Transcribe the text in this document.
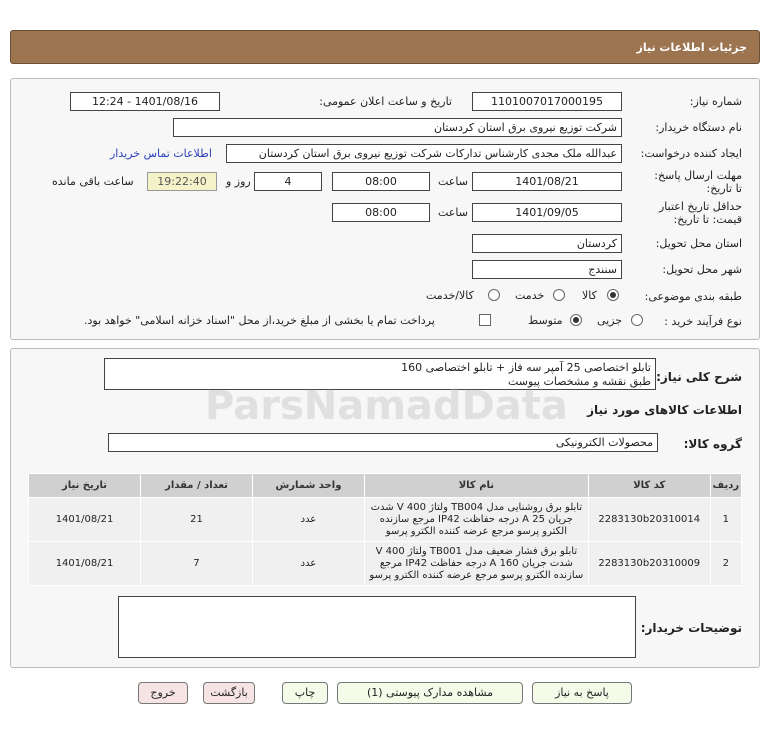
جزئیات اطلاعات نیاز
شماره نیاز:
1101007017000195
تاریخ و ساعت اعلان عمومی:
1401/08/16 - 12:24
نام دستگاه خریدار:
شرکت توزیع نیروی برق استان کردستان
ایجاد کننده درخواست:
عبدالله ملک مجدی کارشناس تدارکات شرکت توزیع نیروی برق استان کردستان
اطلاعات تماس خریدار
مهلت ارسال پاسخ: تا تاریخ:
1401/08/21
ساعت
08:00
4
روز و
19:22:40
ساعت باقی مانده
حداقل تاریخ اعتبار قیمت: تا تاریخ:
1401/09/05
ساعت
08:00
استان محل تحویل:
کردستان
شهر محل تحویل:
سنندج
طبقه بندی موضوعی:
کالا
خدمت
کالا/خدمت
نوع فرآیند خرید :
جزیی
متوسط
پرداخت تمام یا بخشی از مبلغ خرید،از محل "اسناد خزانه اسلامی" خواهد بود.
شرح کلی نیاز:
تابلو اختصاصی 25 آمپر سه فاز + تابلو اختصاصی 160
طبق نقشه و مشخصات پیوست
اطلاعات کالاهای مورد نیاز
گروه کالا:
محصولات الکترونیکی
ردیف	کد کالا	نام کالا	واحد شمارش	تعداد / مقدار	تاریخ نیاز
1	2283130b20310014	تابلو برق روشنایی مدل TB004 ولتاژ 400 V شدت جریان 25 A درجه حفاظت IP42 مرجع سازنده الکترو پرسو مرجع عرضه کننده الکترو پرسو	عدد	21	1401/08/21
2	2283130b20310009	تابلو برق فشار ضعیف مدل TB001 ولتاژ 400 V شدت جریان 160 A درجه حفاظت IP42 مرجع سازنده الکترو پرسو مرجع عرضه کننده الکترو پرسو	عدد	7	1401/08/21
توضیحات خریدار:
ParsNamadData
پاسخ به نیاز
مشاهده مدارک پیوستی (1)
چاپ
بازگشت
خروج
